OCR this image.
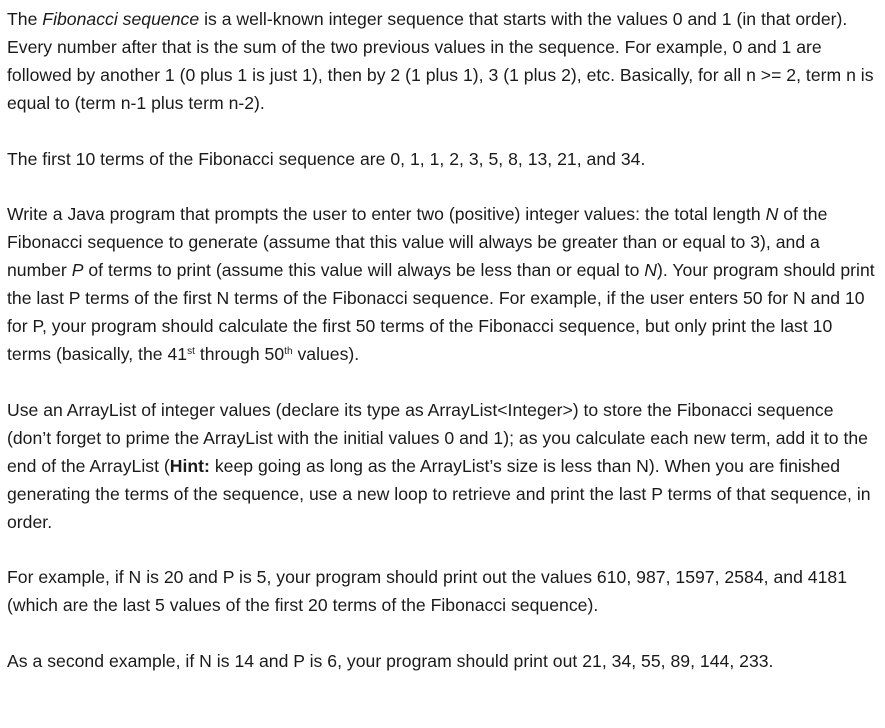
The Fibonacci sequence is a well-known integer sequence that starts with the values 0 and 1 (in that order). Every number after that is the sum of the two previous values in the sequence. For example, 0 and 1 are followed by another 1 (0 plus 1 is just 1), then by 2 (1 plus 1), 3 (1 plus 2), etc. Basically, for all n >= 2, term n is equal to (term n-1 plus term n-2).

The first 10 terms of the Fibonacci sequence are 0, 1, 1, 2, 3, 5, 8, 13, 21, and 34.

Write a Java program that prompts the user to enter two (positive) integer values: the total length N of the Fibonacci sequence to generate (assume that this value will always be greater than or equal to 3), and a number P of terms to print (assume this value will always be less than or equal to N). Your program should print the last P terms of the first N terms of the Fibonacci sequence. For example, if the user enters 50 for N and 10 for P, your program should calculate the first 50 terms of the Fibonacci sequence, but only print the last 10 terms (basically, the 41st through 50th values).

Use an ArrayList of integer values (declare its type as ArrayList<Integer>) to store the Fibonacci sequence (don’t forget to prime the ArrayList with the initial values 0 and 1); as you calculate each new term, add it to the end of the ArrayList (Hint: keep going as long as the ArrayList’s size is less than N). When you are finished generating the terms of the sequence, use a new loop to retrieve and print the last P terms of that sequence, in order.

For example, if N is 20 and P is 5, your program should print out the values 610, 987, 1597, 2584, and 4181 (which are the last 5 values of the first 20 terms of the Fibonacci sequence).

As a second example, if N is 14 and P is 6, your program should print out 21, 34, 55, 89, 144, 233.
